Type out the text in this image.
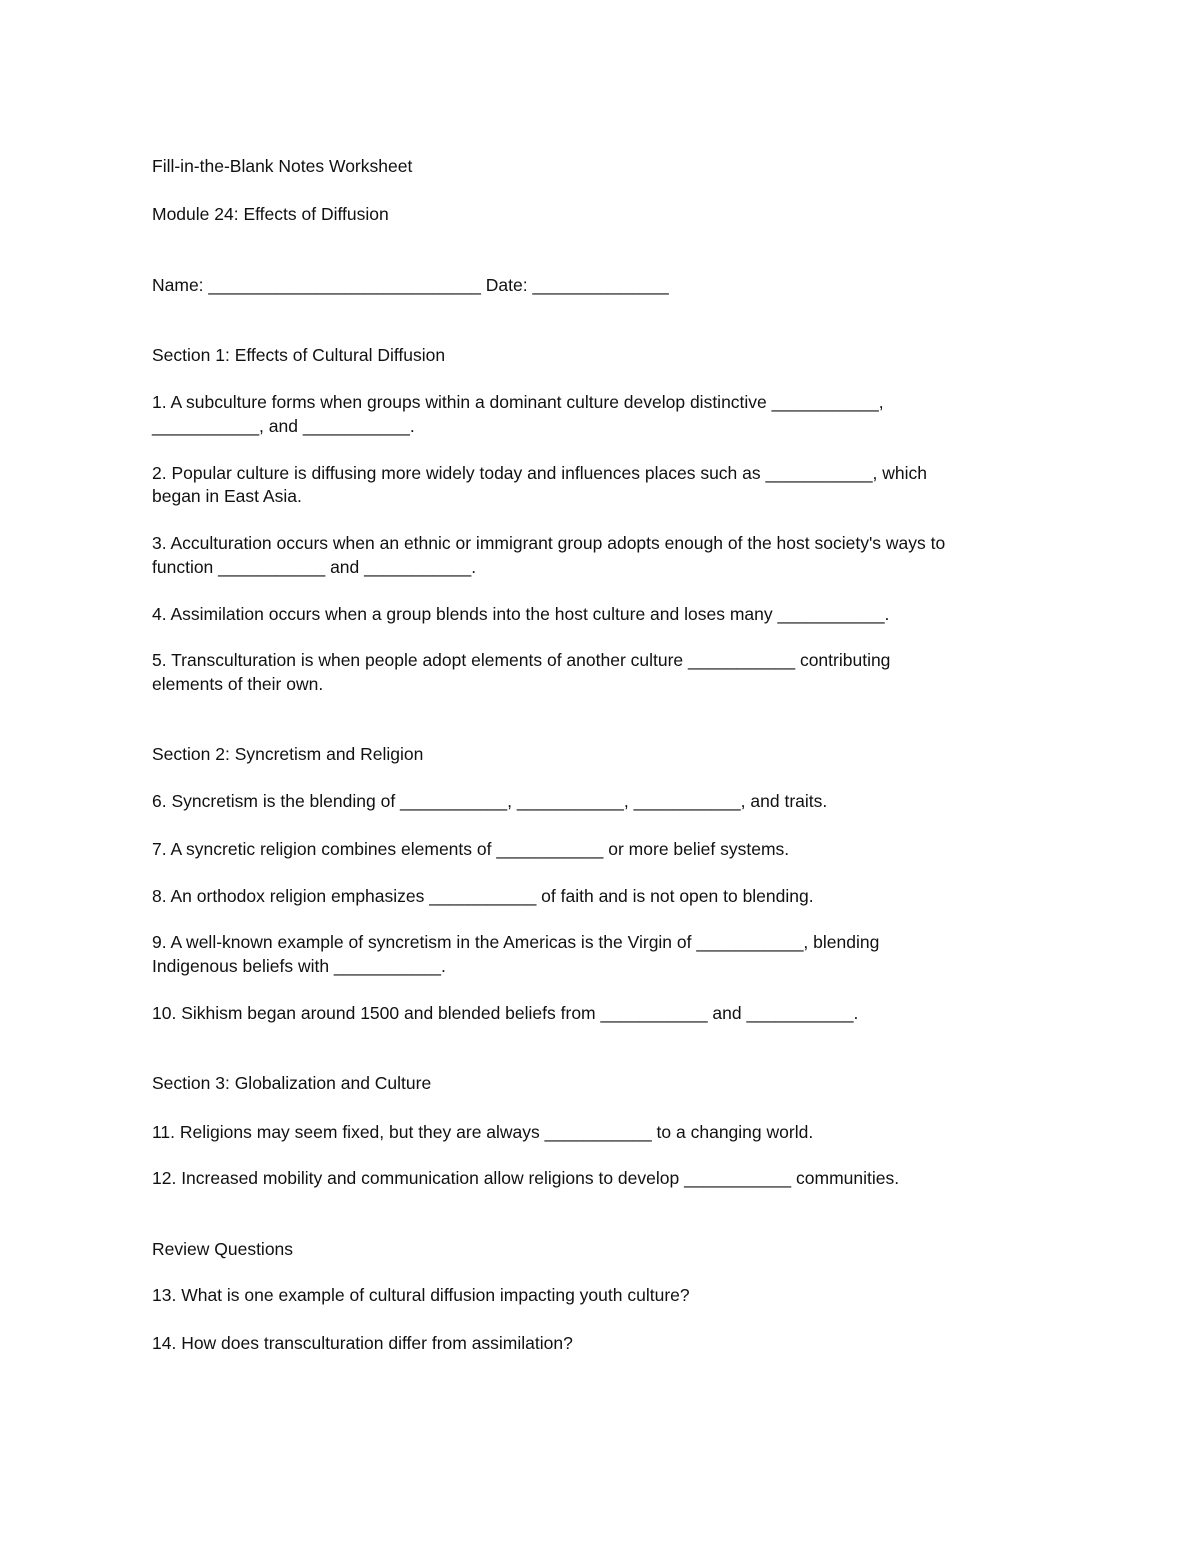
Fill-in-the-Blank Notes Worksheet
Module 24: Effects of Diffusion
Name: ____________________________ Date: ______________
Section 1: Effects of Cultural Diffusion
1. A subculture forms when groups within a dominant culture develop distinctive ___________,
___________, and ___________.
2. Popular culture is diffusing more widely today and influences places such as ___________, which
began in East Asia.
3. Acculturation occurs when an ethnic or immigrant group adopts enough of the host society's ways to
function ___________ and ___________.
4. Assimilation occurs when a group blends into the host culture and loses many ___________.
5. Transculturation is when people adopt elements of another culture ___________ contributing
elements of their own.
Section 2: Syncretism and Religion
6. Syncretism is the blending of ___________, ___________, ___________, and traits.
7. A syncretic religion combines elements of ___________ or more belief systems.
8. An orthodox religion emphasizes ___________ of faith and is not open to blending.
9. A well-known example of syncretism in the Americas is the Virgin of ___________, blending
Indigenous beliefs with ___________.
10. Sikhism began around 1500 and blended beliefs from ___________ and ___________.
Section 3: Globalization and Culture
11. Religions may seem fixed, but they are always ___________ to a changing world.
12. Increased mobility and communication allow religions to develop ___________ communities.
Review Questions
13. What is one example of cultural diffusion impacting youth culture?
14. How does transculturation differ from assimilation?
